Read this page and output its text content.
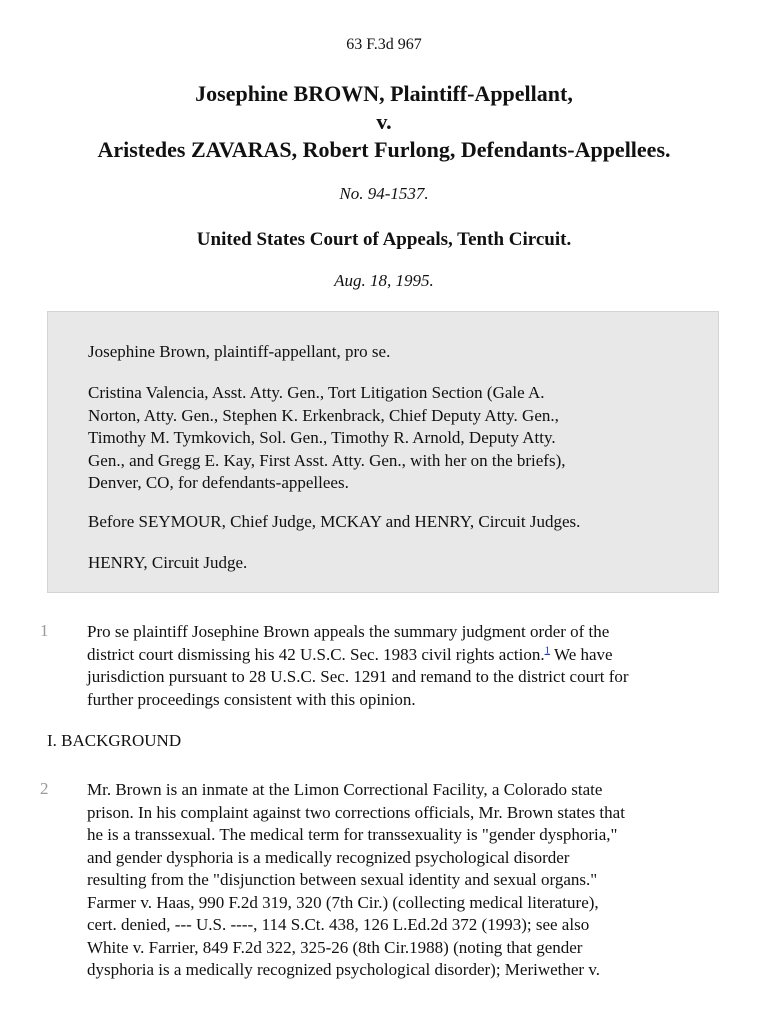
63 F.3d 967
Josephine BROWN, Plaintiff-Appellant,
v.
Aristedes ZAVARAS, Robert Furlong, Defendants-Appellees.
No. 94-1537.
United States Court of Appeals, Tenth Circuit.
Aug. 18, 1995.

Josephine Brown, plaintiff-appellant, pro se.

Cristina Valencia, Asst. Atty. Gen., Tort Litigation Section (Gale A.
Norton, Atty. Gen., Stephen K. Erkenbrack, Chief Deputy Atty. Gen.,
Timothy M. Tymkovich, Sol. Gen., Timothy R. Arnold, Deputy Atty.
Gen., and Gregg E. Kay, First Asst. Atty. Gen., with her on the briefs),
Denver, CO, for defendants-appellees.

Before SEYMOUR, Chief Judge, MCKAY and HENRY, Circuit Judges.

HENRY, Circuit Judge.

1 Pro se plaintiff Josephine Brown appeals the summary judgment order of the
district court dismissing his 42 U.S.C. Sec. 1983 civil rights action.$^1$ We have
jurisdiction pursuant to 28 U.S.C. Sec. 1291 and remand to the district court for
further proceedings consistent with this opinion.

I. BACKGROUND
2 Mr. Brown is an inmate at the Limon Correctional Facility, a Colorado state
prison. In his complaint against two corrections officials, Mr. Brown states that
he is a transsexual. The medical term for transsexuality is "gender dysphoria,"
and gender dysphoria is a medically recognized psychological disorder
resulting from the "disjunction between sexual identity and sexual organs."
Farmer v. Haas, 990 F.2d 319, 320 (7th Cir.) (collecting medical literature),
cert. denied, --- U.S. ----, 114 S.Ct. 438, 126 L.Ed.2d 372 (1993); see also
White v. Farrier, 849 F.2d 322, 325-26 (8th Cir.1988) (noting that gender
dysphoria is a medically recognized psychological disorder); Meriwether v.
